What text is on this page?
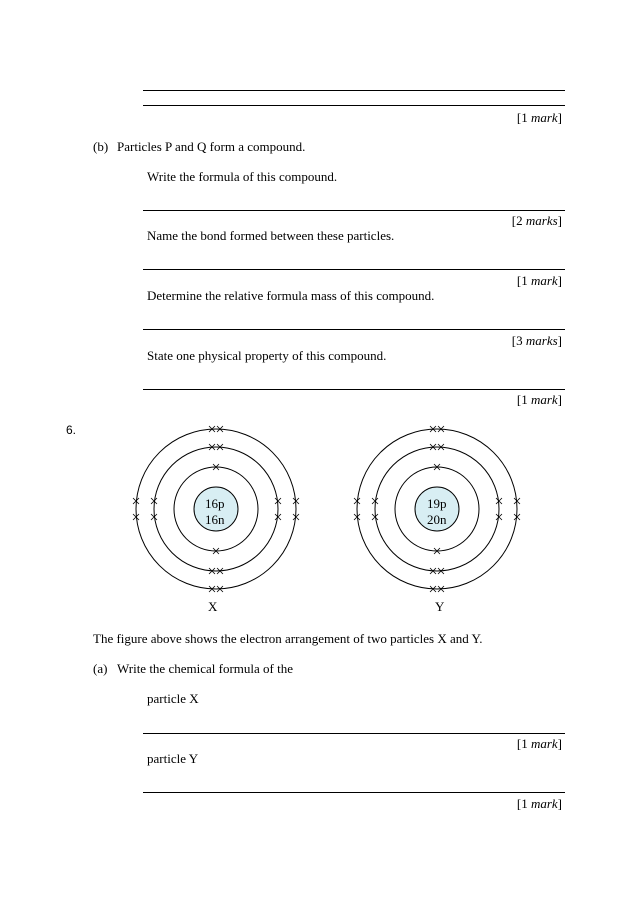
[1 mark]
(b) Particles P and Q form a compound.
Write the formula of this compound.
[2 marks]
Name the bond formed between these particles.
[1 mark]
Determine the relative formula mass of this compound.
[3 marks]
State one physical property of this compound.
[1 mark]
6.
16p
16n
19p
20n
X	Y
The figure above shows the electron arrangement of two particles X and Y.
(a) Write the chemical formula of the
particle X
[1 mark]
particle Y
[1 mark]
